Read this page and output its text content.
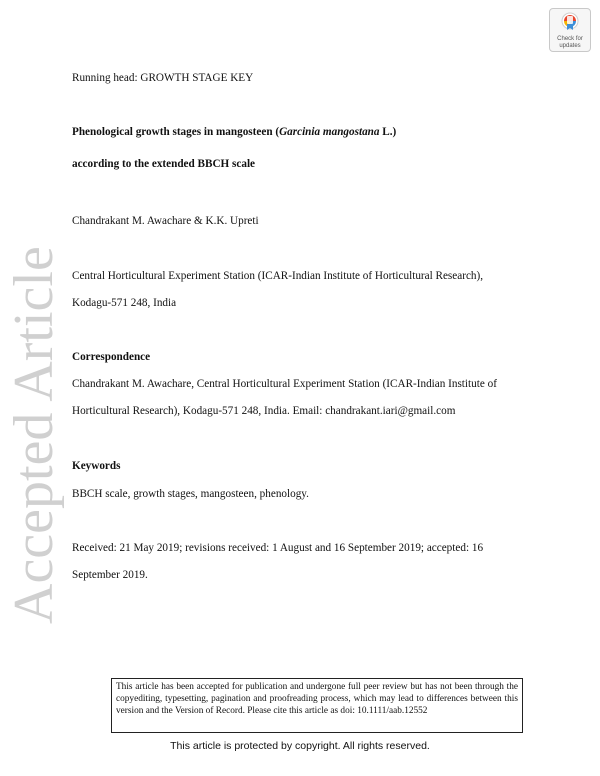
Accepted Article
Check for updates
Running head: GROWTH STAGE KEY
Phenological growth stages in mangosteen (Garcinia mangostana L.)
according to the extended BBCH scale
Chandrakant M. Awachare & K.K. Upreti
Central Horticultural Experiment Station (ICAR-Indian Institute of Horticultural Research),
Kodagu-571 248, India
Correspondence
Chandrakant M. Awachare, Central Horticultural Experiment Station (ICAR-Indian Institute of
Horticultural Research), Kodagu-571 248, India. Email: chandrakant.iari@gmail.com
Keywords
BBCH scale, growth stages, mangosteen, phenology.
Received: 21 May 2019; revisions received: 1 August and 16 September 2019; accepted: 16
September 2019.
This article has been accepted for publication and undergone full peer review but has not been through the copyediting, typesetting, pagination and proofreading process, which may lead to differences between this version and the Version of Record. Please cite this article as doi: 10.1111/aab.12552
This article is protected by copyright. All rights reserved.
